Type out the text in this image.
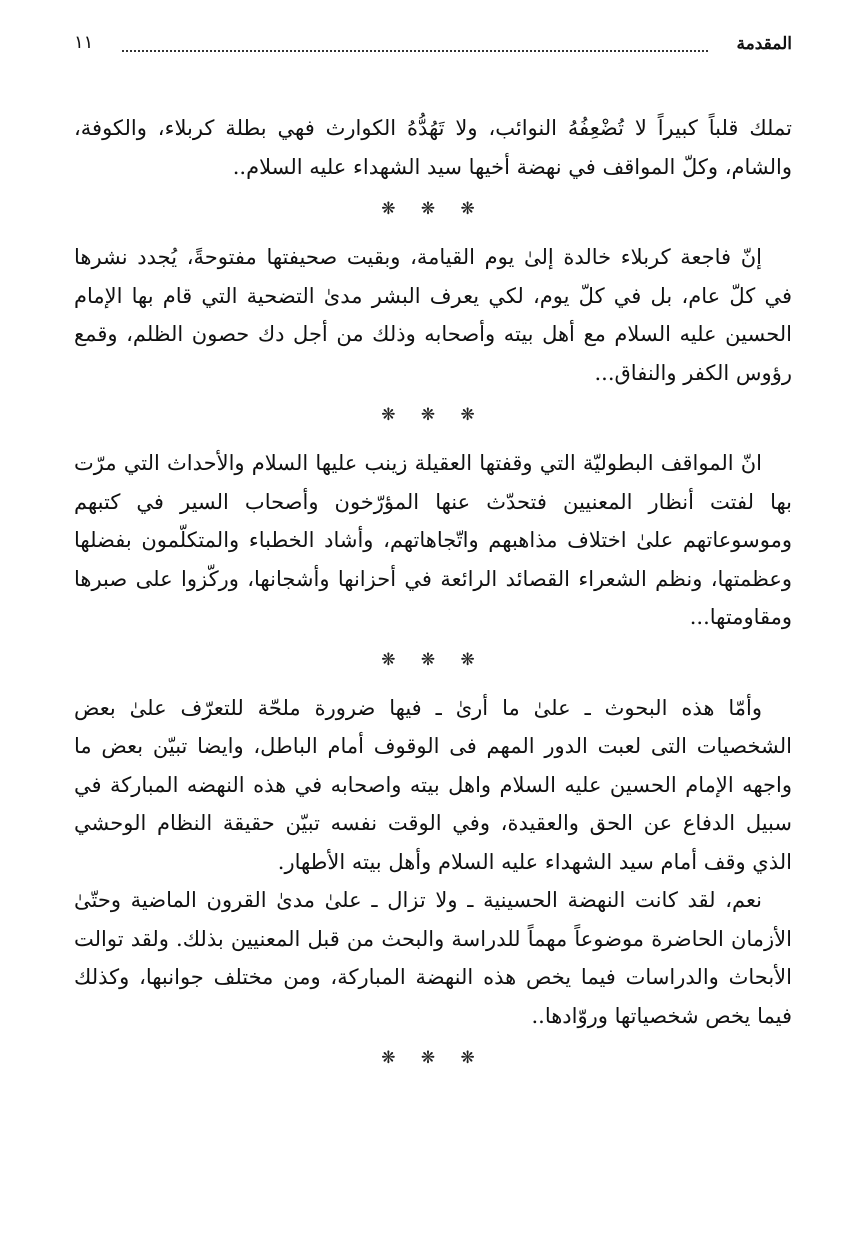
المقدمة
١١

تملك قلباً كبيراً لا تُضْعِفُهُ النوائب، ولا تَهُدُّهُ الكوارث فهي بطلة كربلاء، والكوفة، والشام، وكلّ المواقف في نهضة أخيها سيد الشهداء عليه السلام..

❋ ❋ ❋

إنّ فاجعة كربلاء خالدة إلىٰ يوم القيامة، وبقيت صحيفتها مفتوحةً، يُجدد نشرها في كلّ عام، بل في كلّ يوم، لكي يعرف البشر مدىٰ التضحية التي قام بها الإمام الحسين عليه السلام مع أهل بيته وأصحابه وذلك من أجل دك حصون الظلم، وقمع رؤوس الكفر والنفاق...

❋ ❋ ❋

انّ المواقف البطوليّة التي وقفتها العقيلة زينب عليها السلام والأحداث التي مرّت بها لفتت أنظار المعنيين فتحدّث عنها المؤرّخون وأصحاب السير في كتبهم وموسوعاتهم علىٰ اختلاف مذاهبهم واتّجاهاتهم، وأشاد الخطباء والمتكلّمون بفضلها وعظمتها، ونظم الشعراء القصائد الرائعة في أحزانها وأشجانها، وركّزوا على صبرها ومقاومتها...

❋ ❋ ❋

وأمّا هذه البحوث ـ علىٰ ما أرىٰ ـ فيها ضرورة ملحّة للتعرّف علىٰ بعض الشخصيات التى لعبت الدور المهم فى الوقوف أمام الباطل، وايضا تبيّن بعض ما واجهه الإمام الحسين عليه السلام واهل بيته واصحابه في هذه النهضه المباركة في سبيل الدفاع عن الحق والعقيدة، وفي الوقت نفسه تبيّن حقيقة النظام الوحشي الذي وقف أمام سيد الشهداء عليه السلام وأهل بيته الأطهار.

نعم، لقد كانت النهضة الحسينية ـ ولا تزال ـ علىٰ مدىٰ القرون الماضية وحتّىٰ الأزمان الحاضرة موضوعاً مهماً للدراسة والبحث من قبل المعنيين بذلك. ولقد توالت الأبحاث والدراسات فيما يخص هذه النهضة المباركة، ومن مختلف جوانبها، وكذلك فيما يخص شخصياتها وروّادها..

❋ ❋ ❋
